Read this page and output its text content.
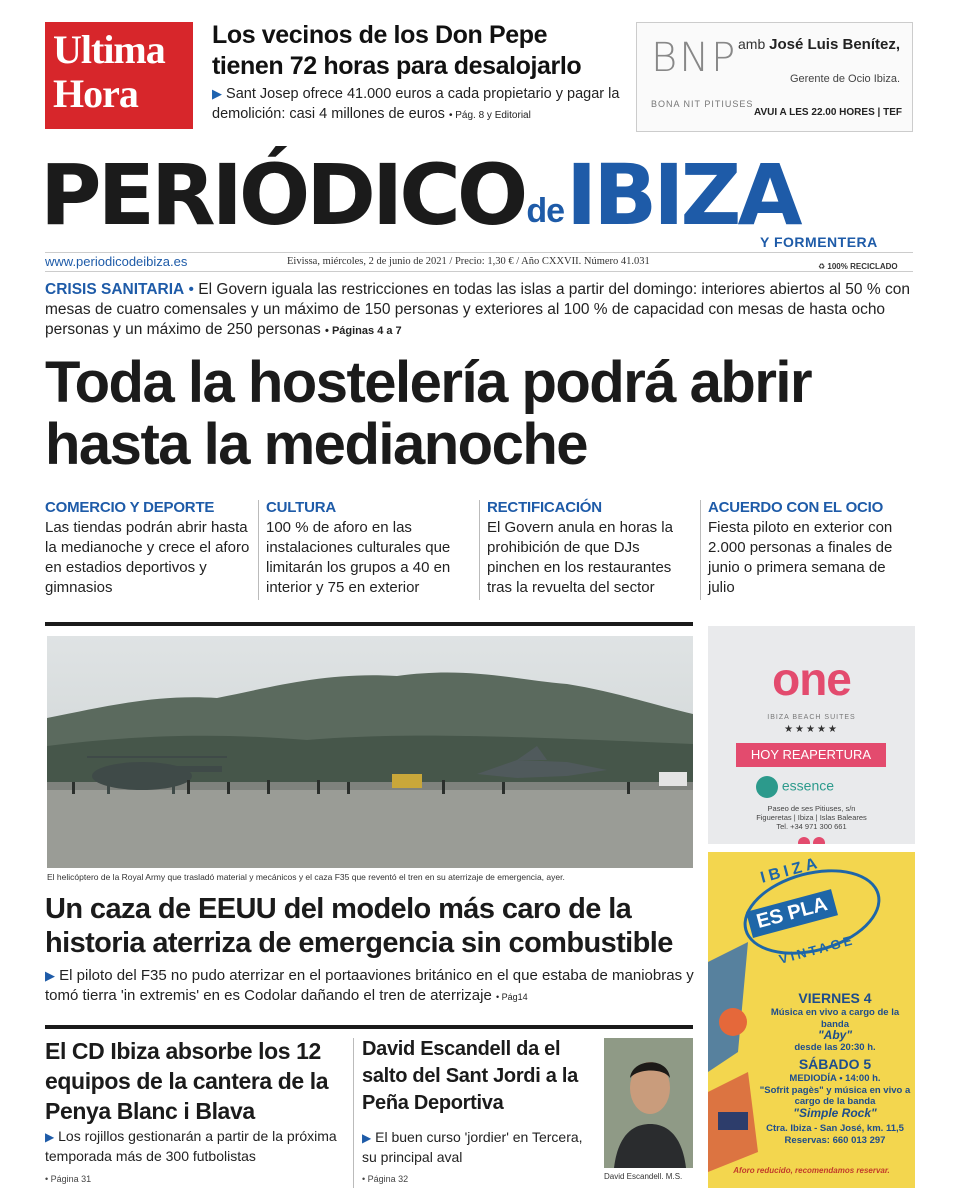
Ultima
Hora
Los vecinos de los Don Pepe tienen 72 horas para desalojarlo
▶ Sant Josep ofrece 41.000 euros a cada propietario y pagar la demolición: casi 4 millones de euros • Pág. 8 y Editorial
BNP
BONA NIT PITIUSES
amb José Luis Benítez,
Gerente de Ocio Ibiza.
AVUI A LES 22.00 HORES | TEF
PERIÓDICO de IBIZA
Y FORMENTERA
www.periodicodeibiza.es	Eivissa, miércoles, 2 de junio de 2021 / Precio: 1,30 € / Año CXXVII. Número 41.031	♻ 100% RECICLADO
CRISIS SANITARIA • El Govern iguala las restricciones en todas las islas a partir del domingo: interiores abiertos al 50 % con mesas de cuatro comensales y un máximo de 150 personas y exteriores al 100 % de capacidad con mesas de hasta ocho personas y un máximo de 250 personas • Páginas 4 a 7
Toda la hostelería podrá abrir hasta la medianoche
COMERCIO Y DEPORTE

Las tiendas podrán abrir hasta la medianoche y crece el aforo en estadios deportivos y gimnasios

CULTURA

100 % de aforo en las instalaciones culturales que limitarán los grupos a 40 en interior y 75 en exterior

RECTIFICACIÓN

El Govern anula en horas la prohibición de que DJs pinchen en los restaurantes tras la revuelta del sector

ACUERDO CON EL OCIO

Fiesta piloto en exterior con 2.000 personas a finales de junio o primera semana de julio

El helicóptero de la Royal Army que trasladó material y mecánicos y el caza F35 que reventó el tren en su aterrizaje de emergencia, ayer.
Un caza de EEUU del modelo más caro de la historia aterriza de emergencia sin combustible
▶ El piloto del F35 no pudo aterrizar en el portaaviones británico en el que estaba de maniobras y tomó tierra 'in extremis' en es Codolar dañando el tren de aterrizaje • Pág14
El CD Ibiza absorbe los 12 equipos de la cantera de la Penya Blanc i Blava
▶ Los rojillos gestionarán a partir de la próxima temporada más de 300 futbolistas
• Página 31
David Escandell da el salto del Sant Jordi a la Peña Deportiva
▶ El buen curso 'jordier' en Tercera, su principal aval
• Página 32	David Escandell. M.S.
one
IBIZA BEACH SUITES
★★★★★
HOY REAPERTURA
essence
Paseo de ses Pitiuses, s/n
Figueretas | Ibiza | Islas Baleares
Tel. +34 971 300 661

IBIZA
ES PLA
VINTAGE
VIERNES 4
Música en vivo a cargo de la banda
"Aby"
desde las 20:30 h.
SÁBADO 5
MEDIODÍA • 14:00 h.
"Sofrit pagès" y música en vivo a cargo de la banda
"Simple Rock"
Ctra. Ibiza - San José, km. 11,5
Reservas: 660 013 297
Aforo reducido, recomendamos reservar.
